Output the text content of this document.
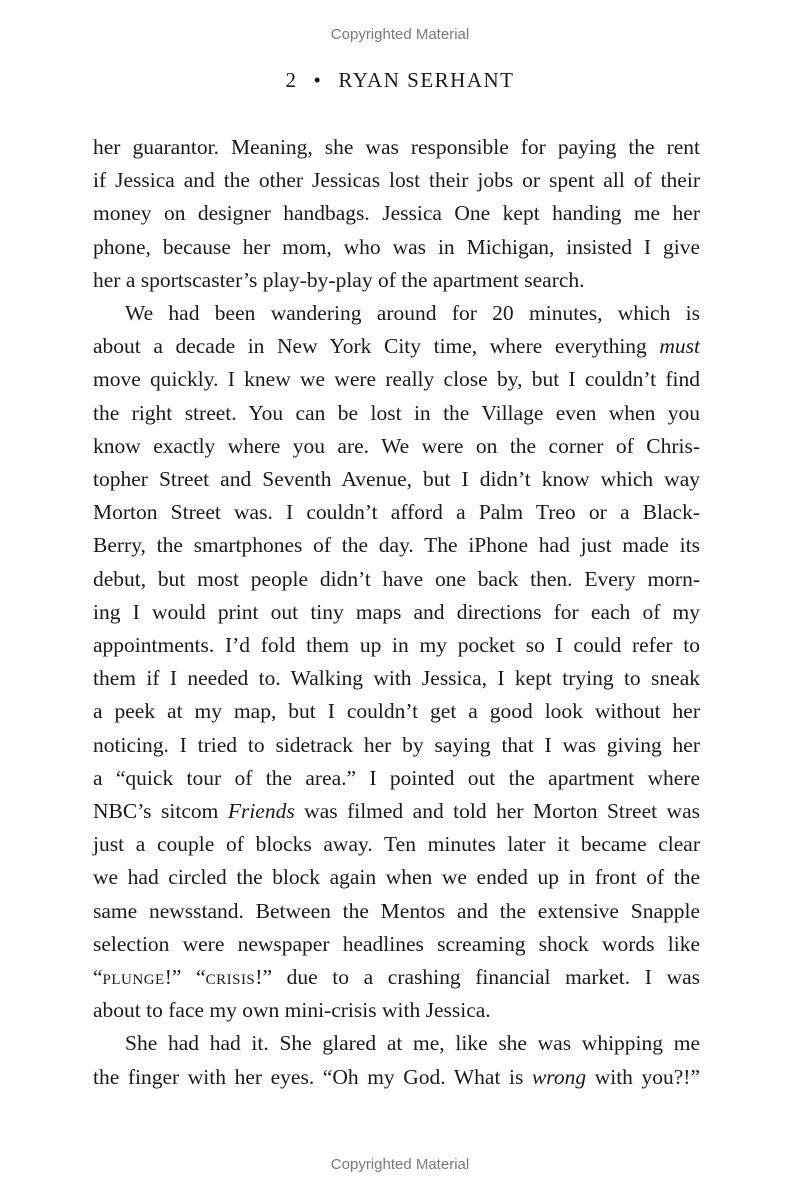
Copyrighted Material
2 • RYAN SERHANT

her guarantor. Meaning, she was responsible for paying the rent
if Jessica and the other Jessicas lost their jobs or spent all of their
money on designer handbags. Jessica One kept handing me her
phone, because her mom, who was in Michigan, insisted I give
her a sportscaster’s play-by-play of the apartment search.

We had been wandering around for 20 minutes, which is
about a decade in New York City time, where everything must
move quickly. I knew we were really close by, but I couldn’t find
the right street. You can be lost in the Village even when you
know exactly where you are. We were on the corner of Chris-
topher Street and Seventh Avenue, but I didn’t know which way
Morton Street was. I couldn’t afford a Palm Treo or a Black-
Berry, the smartphones of the day. The iPhone had just made its
debut, but most people didn’t have one back then. Every morn-
ing I would print out tiny maps and directions for each of my
appointments. I’d fold them up in my pocket so I could refer to
them if I needed to. Walking with Jessica, I kept trying to sneak
a peek at my map, but I couldn’t get a good look without her
noticing. I tried to sidetrack her by saying that I was giving her
a “quick tour of the area.” I pointed out the apartment where
NBC’s sitcom Friends was filmed and told her Morton Street was
just a couple of blocks away. Ten minutes later it became clear
we had circled the block again when we ended up in front of the
same newsstand. Between the Mentos and the extensive Snapple
selection were newspaper headlines screaming shock words like
“plunge!” “crisis!” due to a crashing financial market. I was
about to face my own mini-crisis with Jessica.

She had had it. She glared at me, like she was whipping me
the finger with her eyes. “Oh my God. What is wrong with you?!”

Copyrighted Material
